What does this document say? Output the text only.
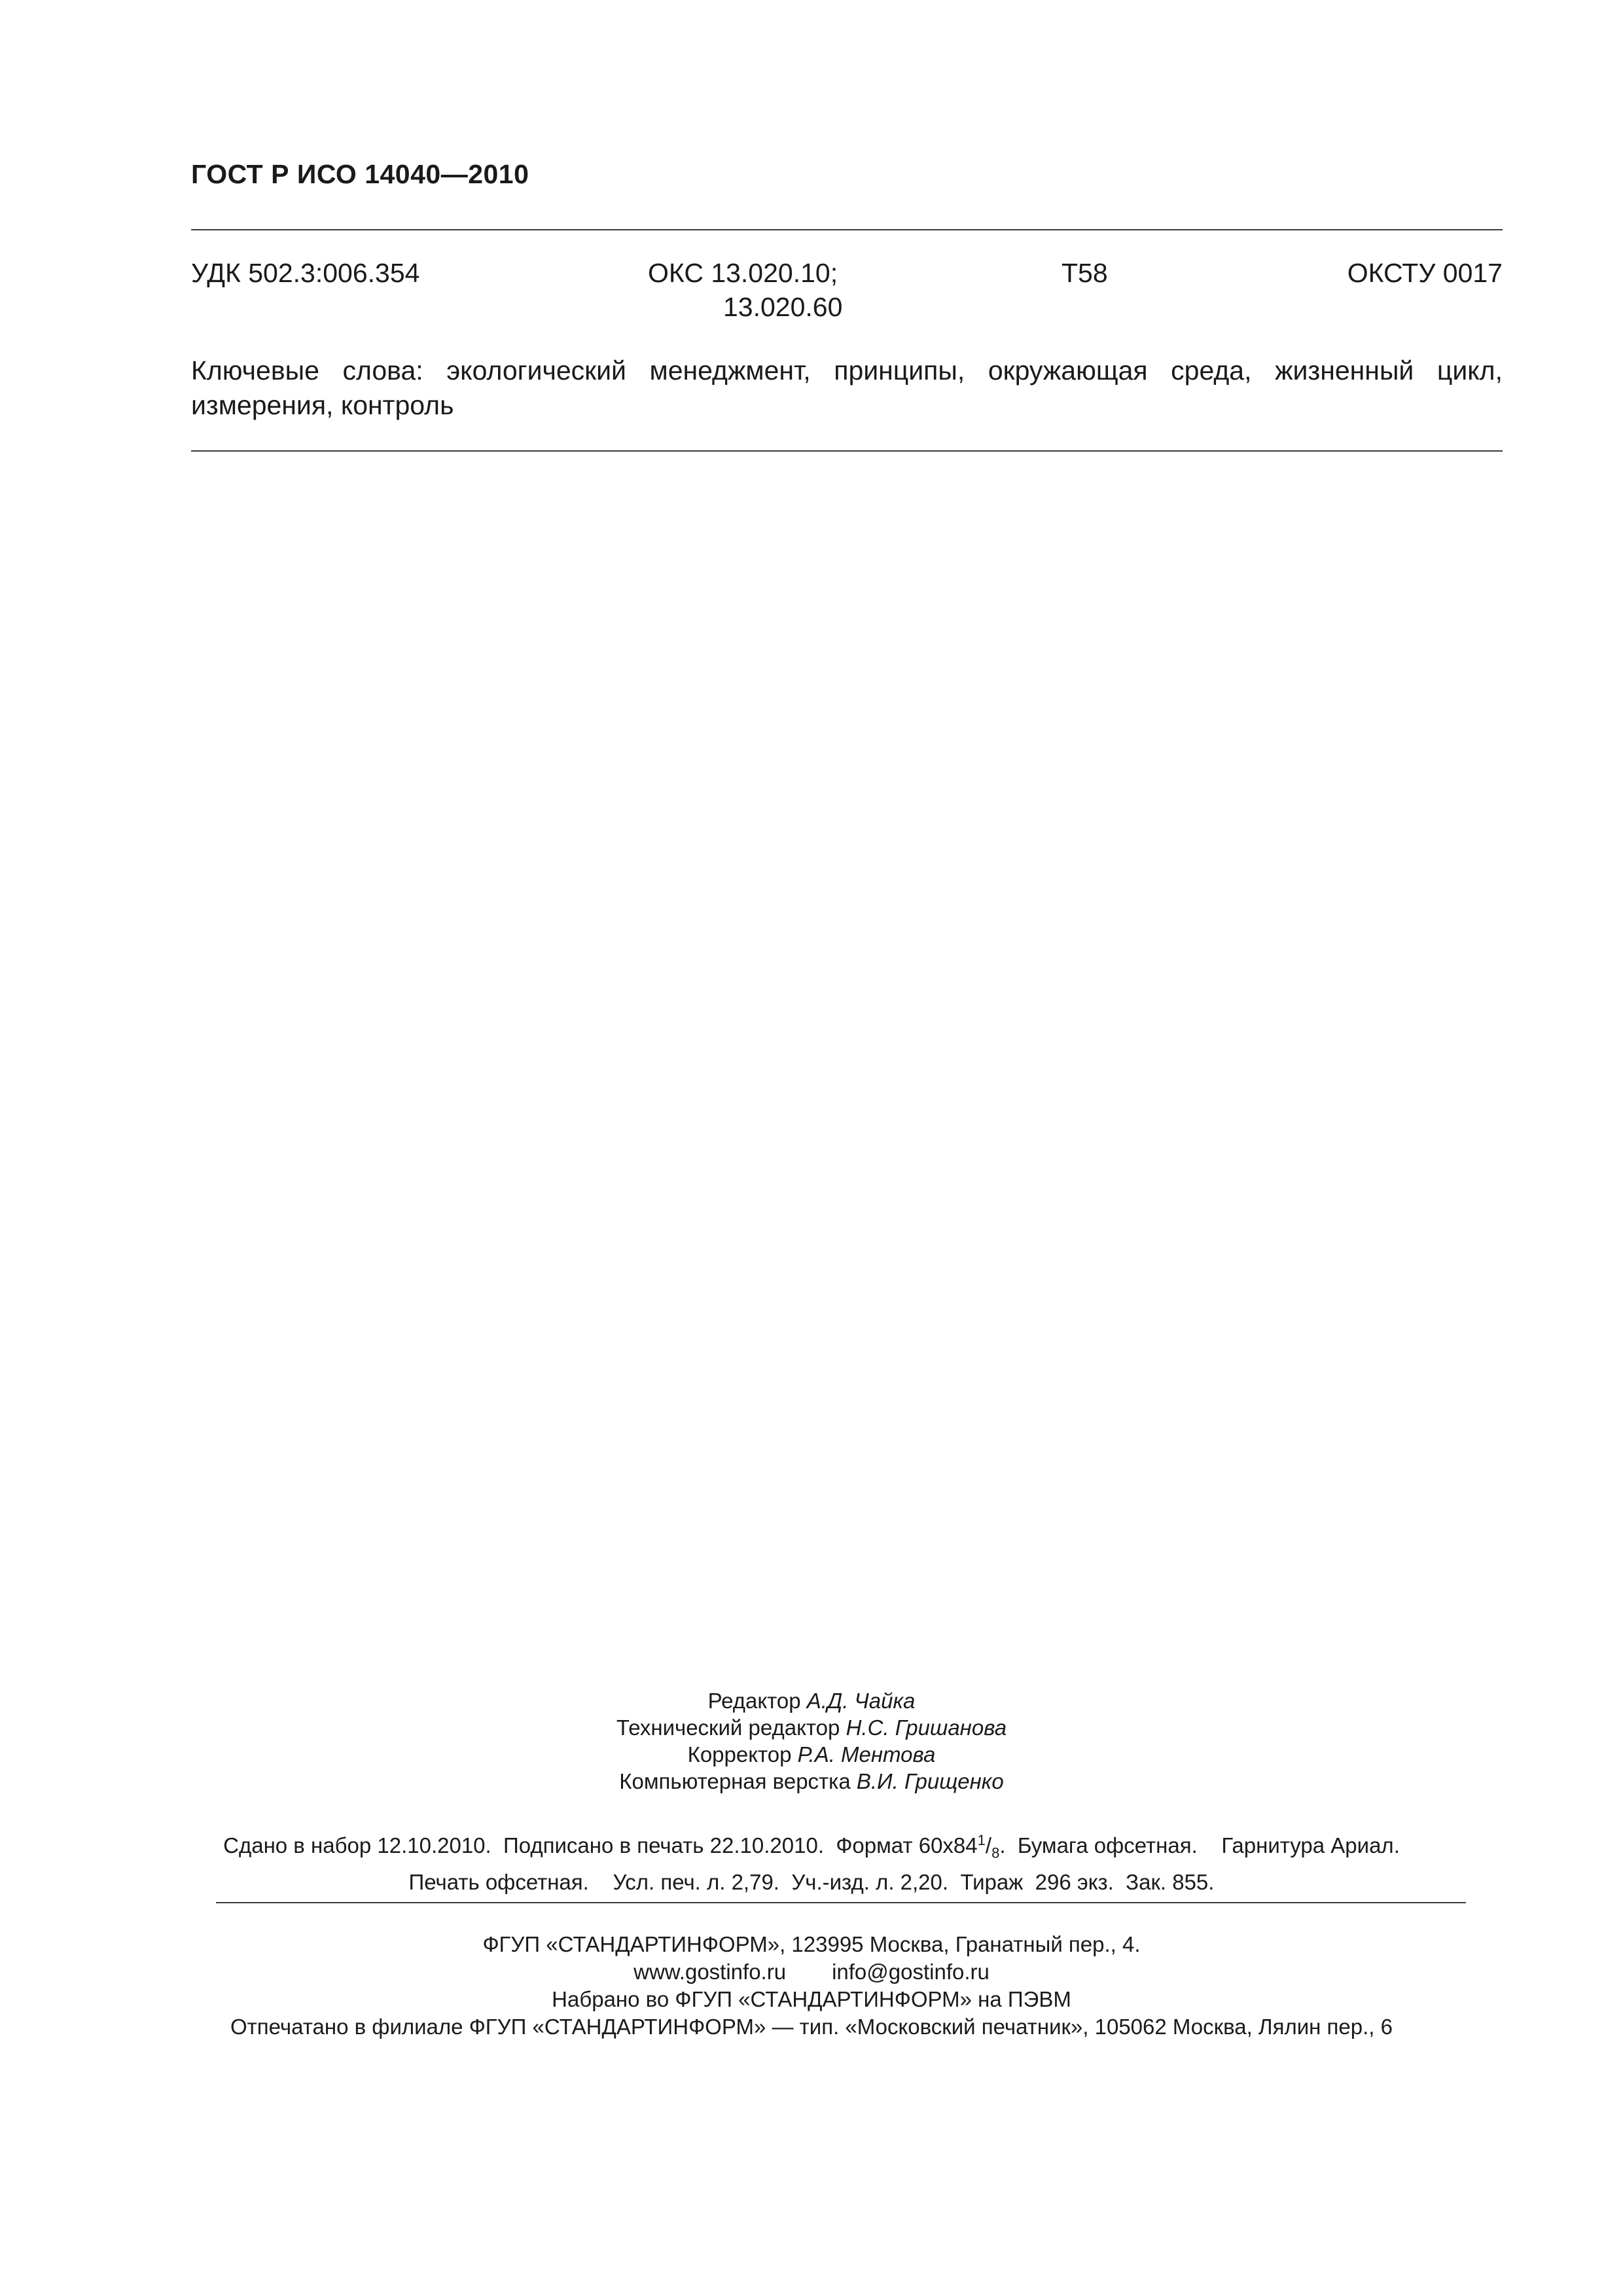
ГОСТ Р ИСО 14040—2010
УДК 502.3:006.354	ОКС 13.020.10;
13.020.60
Т58	ОКСТУ 0017
Ключевые слова: экологический менеджмент, принципы, окружающая среда, жизненный цикл, измерения, контроль
Редактор А.Д. Чайка
Технический редактор Н.С. Гришанова
Корректор Р.А. Ментова
Компьютерная верстка В.И. Грищенко
Сдано в набор 12.10.2010.  Подписано в печать 22.10.2010.  Формат $60х84^1/_8$.  Бумага офсетная.    Гарнитура Ариал.
Печать офсетная.    Усл. печ. л. 2,79.  Уч.-изд. л. 2,20.  Тираж  296 экз.  Зак. 855.
ФГУП «СТАНДАРТИНФОРМ», 123995 Москва, Гранатный пер., 4.
www.gostinfo.ru info@gostinfo.ru
Набрано во ФГУП «СТАНДАРТИНФОРМ» на ПЭВМ
Отпечатано в филиале ФГУП «СТАНДАРТИНФОРМ» — тип. «Московский печатник», 105062 Москва, Лялин пер., 6
